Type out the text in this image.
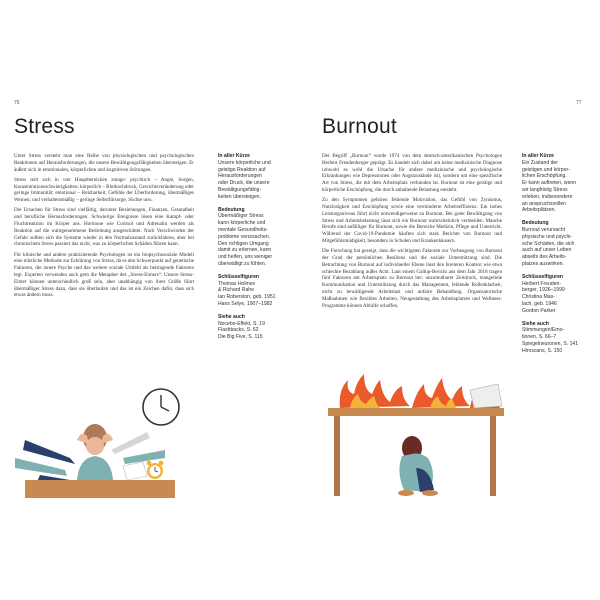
76
Stress

Unter Stress versteht man eine Reihe von physiologischen und psychologischen Reaktionen auf Herausforderungen, die unsere Bewältigungsfähigkeiten übersteigen. Er äußert sich in emotionalen, körperlichen und kognitiven Störungen.

Stress teilt sich in vier Hauptbereichen zutage: psychisch – Angst, Sorgen, Konzentrationsschwierigkeiten; körperlich – Bluthochdruck, Gewichtsveränderung oder geringe Immunität; emotional – Reizbarkeit, Gefühle der Überforderung, übermäßiges Weinen; und verhaltensmäßig – geringe Selbstfürsorge, Süchte usw.

Die Ursachen für Stress sind vielfältig, darunter Beziehungen, Finanzen, Gesundheit und berufliche Herausforderungen. Schwierige Ereignisse lösen eine Kampf- oder Fluchtreaktion im Körper aus. Hormone wie Cortisol und Adrenalin werden als Reaktion auf die wahrgenommene Bedrohung ausgeschüttet. Nach Verschwinden der Gefahr sollten sich die Systeme wieder in den Normalzustand zurückfahren, aber bei chronischem Stress passiert das nicht, was zu körperlichen Schäden führen kann.

Für klinische und andere praktizierende Psychologen ist ein biopsychosoziale Modell eine nützliche Methode zur Erklärung von Stress, da es den Schwerpunkt auf genetische Faktoren, die innere Psyche und das weitere soziale Umfeld als beitragende Faktoren legt. Experten verwenden auch gern die Metapher des „Stress-Eimers“: Unsere Stress-Eimer können unterschiedlich groß sein, aber unabhängig von ihrer Größe führt übermäßiger Stress dazu, dass sie überlaufen und das ist ein Zeichen dafür, dass sich etwas ändern muss.

In aller Kürze
Unsere körperliche und
geistige Reaktion auf
Herausforderungen
oder Druck, die unsere
Bewältigungsfähig-
keiten übersteigen.
Bedeutung
Übermäßiger Stress
kann körperliche und
mentale Gesundheits-
probleme verursachen.
Den richtigen Umgang
damit zu erlernen, kann
und helfen, uns weniger
überwältigt zu fühlen.
Schlüsselfiguren
Thomas Holmes
& Richard Rahe
Ian Roberston, geb. 1951
Hans Selye, 1907–1982
Siehe auch
Nocebo-Effekt, S. 19
Flashbacks, S. 62
Die Big Five, S. 115
77
Burnout

Der Begriff „Burnout“ wurde 1974 von dem deutsch-amerikanischen Psychologen Herbert Freudenberger geprägt. Es handelt sich dabei um keine medizinische Diagnose (obwohl es wohl die Ursache für andere medizinische und psychologische Erkrankungen wie Depressionen oder Angstzustände ist), sondern um eine spezifische Art von Stress, die mit dem Arbeitsplatz verbunden ist. Burnout ist eine geistige und körperliche Erschöpfung, die durch anhaltende Belastung entsteht.

Zu den Symptomen gehören fehlende Motivation, das Gefühl von Zynismus, Nutzlosigkeit und Erschöpfung sowie eine verminderte Arbeitseffizienz. Ein hohes Leistungsniveau führt nicht notwendigerweise zu Burnout. Bei guter Bewältigung von Stress und Arbeitsbelastung lässt sich ein Burnout wahrscheinlich vermeiden. Manche Berufe sind anfälliger für Burnout, sowie die Bereiche Medizin, Pflege und Unterricht. Während der Covid-19-Pandemie häuften sich stark Berichte von Burnout und Mitgefühlsmüdigkeit, besonders in Schulen und Krankenhäusern.

Die Forschung hat gezeigt, dass die wichtigsten Faktoren zur Vorbeugung von Burnout der Grad der persönlichen Resilienz und die soziale Unterstützung sind. Die Betrachtung von Burnout auf individueller Ebene lässt den breiteren Kontext wie etwa schlechte Bezahlung außer Acht. Laut einem Gallup-Bericht aus dem Jahr 2018 tragen fünf Faktoren am Arbeitsplatz zu Burnout bei: unzumutbarer Zeitdruck, mangelnde Kommunikation und Unterstützung durch das Management, fehlende Rollenklarheit, nicht zu bewältigende Arbeitslast und unfaire Behandlung. Organisatorische Maßnahmen wie flexibles Arbeiten, Neugestaltung des Arbeitsplatzes und Wellness-Programme können Abhilfe schaffen.

In aller Kürze
Ein Zustand der
geistigen und körper-
lichen Erschöpfung.
Er kann auftreten, wenn
wir langfristig Stress
erleben, insbesondere
an anspruchsvollen
Arbeitsplätzen.
Bedeutung
Burnout verursacht
physische und psychi-
sche Schäden, die sich
auch auf unser Leben
abseits des Arbeits-
platzes auswirken.
Schlüsselfiguren
Herbert Freuden-
berger, 1926–1999
Christina Mas-
lach, geb. 1946
Gordon Parker
Siehe auch
Stimmungen/Emo-
tionen, S. 66–7
Spiegelneuronen, S. 141
Hirnscans, S. 150
